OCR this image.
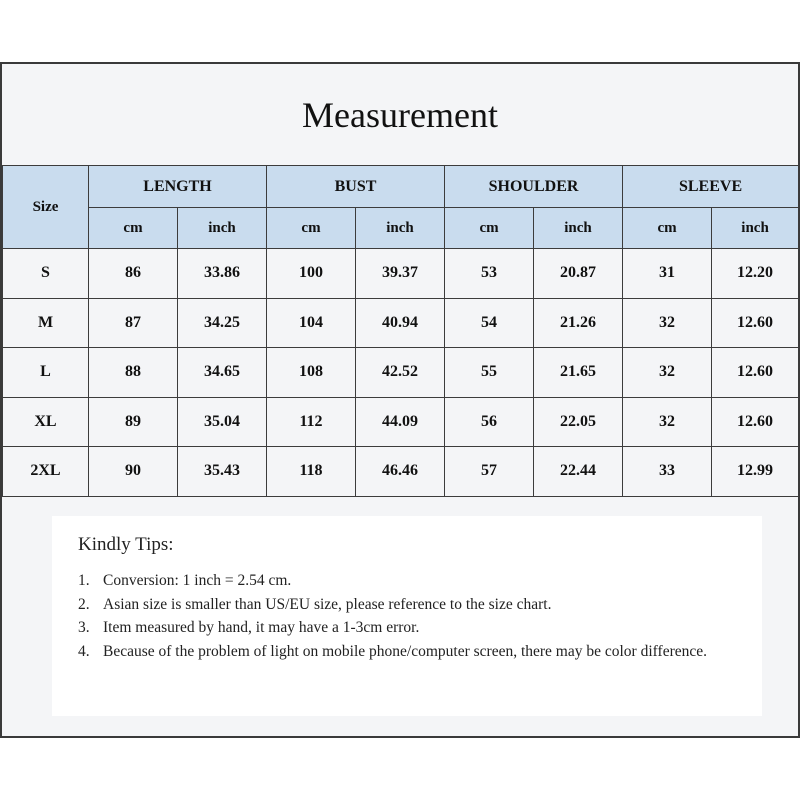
Measurement
Size	LENGTH		BUST		SHOULDER		SLEEVE	
	cm	inch	cm	inch	cm	inch	cm	inch
S	86	33.86	100	39.37	53	20.87	31	12.20
M	87	34.25	104	40.94	54	21.26	32	12.60
L	88	34.65	108	42.52	55	21.65	32	12.60
XL	89	35.04	112	44.09	56	22.05	32	12.60
2XL	90	35.43	118	46.46	57	22.44	33	12.99
Kindly Tips:
1. Conversion: 1 inch = 2.54 cm.
2. Asian size is smaller than US/EU size, please reference to the size chart.
3. Item measured by hand, it may have a 1-3cm error.
4. Because of the problem of light on mobile phone/computer screen, there may be color difference.
